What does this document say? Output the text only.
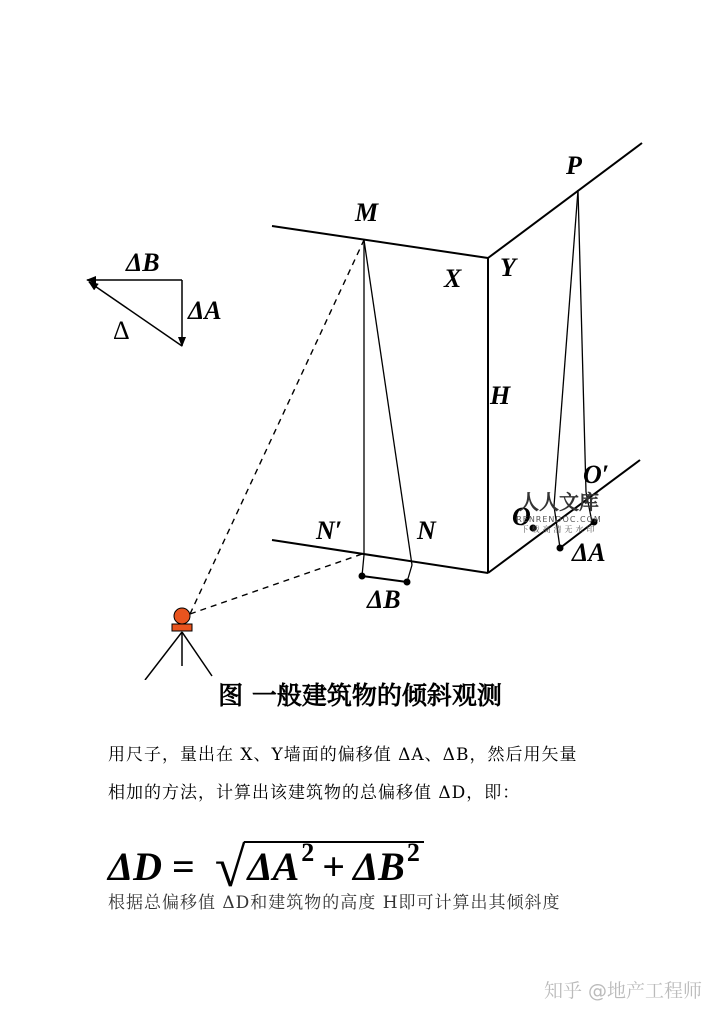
M
P
X Y
H
N′	N	O
O′
ΔA
ΔB
ΔB
ΔA
Δ
人人文库
RENRENDOC.COM
下载高清无水印
图 一般建筑物的倾斜观测
用尺子，量出在 X、Y墙面的偏移值 ΔA、ΔB，然后用矢量
相加的方法，计算出该建筑物的总偏移值 ΔD，即：
ΔD = √ $\Delta A^2 + \Delta B^2$
根据总偏移值 ΔD和建筑物的高度 H即可计算出其倾斜度
知乎 @地产工程师
